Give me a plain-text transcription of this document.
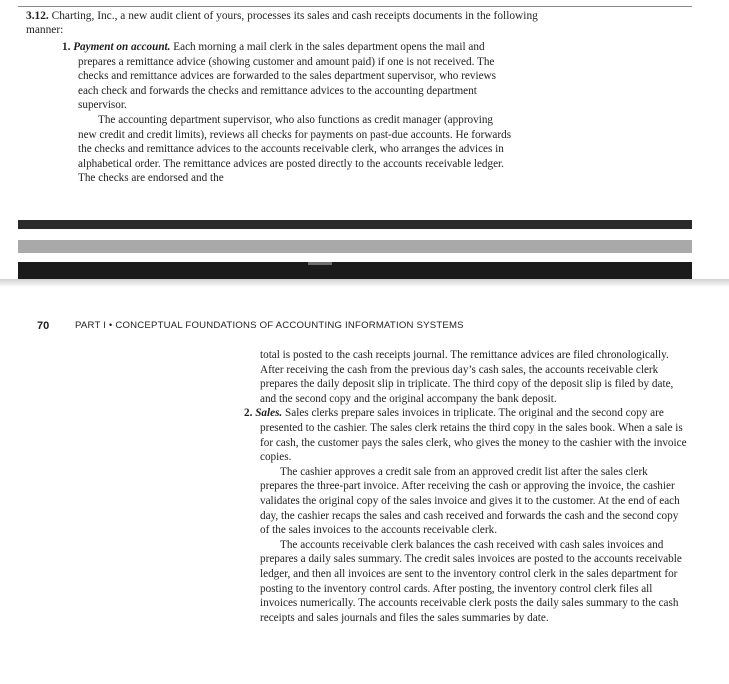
3.12. Charting, Inc., a new audit client of yours, processes its sales and cash receipts documents in the following manner:

1. Payment on account. Each morning a mail clerk in the sales department opens the mail and prepares a remittance advice (showing customer and amount paid) if one is not received. The checks and remittance advices are forwarded to the sales department supervisor, who reviews each check and forwards the checks and remittance advices to the accounting department supervisor.

The accounting department supervisor, who also functions as credit manager (approving new credit and credit limits), reviews all checks for payments on past-due accounts. He forwards the checks and remittance advices to the accounts receivable clerk, who arranges the advices in alphabetical order. The remittance advices are posted directly to the accounts receivable ledger. The checks are endorsed and the

70	PART I • CONCEPTUAL FOUNDATIONS OF ACCOUNTING INFORMATION SYSTEMS

total is posted to the cash receipts journal. The remittance advices are filed chronologically. After receiving the cash from the previous day’s cash sales, the accounts receivable clerk prepares the daily deposit slip in triplicate. The third copy of the deposit slip is filed by date, and the second copy and the original accompany the bank deposit.

2. Sales. Sales clerks prepare sales invoices in triplicate. The original and the second copy are presented to the cashier. The sales clerk retains the third copy in the sales book. When a sale is for cash, the customer pays the sales clerk, who gives the money to the cashier with the invoice copies.

The cashier approves a credit sale from an approved credit list after the sales clerk prepares the three-part invoice. After receiving the cash or approving the invoice, the cashier validates the original copy of the sales invoice and gives it to the customer. At the end of each day, the cashier recaps the sales and cash received and forwards the cash and the second copy of the sales invoices to the accounts receivable clerk.

The accounts receivable clerk balances the cash received with cash sales invoices and prepares a daily sales summary. The credit sales invoices are posted to the accounts receivable ledger, and then all invoices are sent to the inventory control clerk in the sales department for posting to the inventory control cards. After posting, the inventory control clerk files all invoices numerically. The accounts receivable clerk posts the daily sales summary to the cash receipts and sales journals and files the sales summaries by date.
